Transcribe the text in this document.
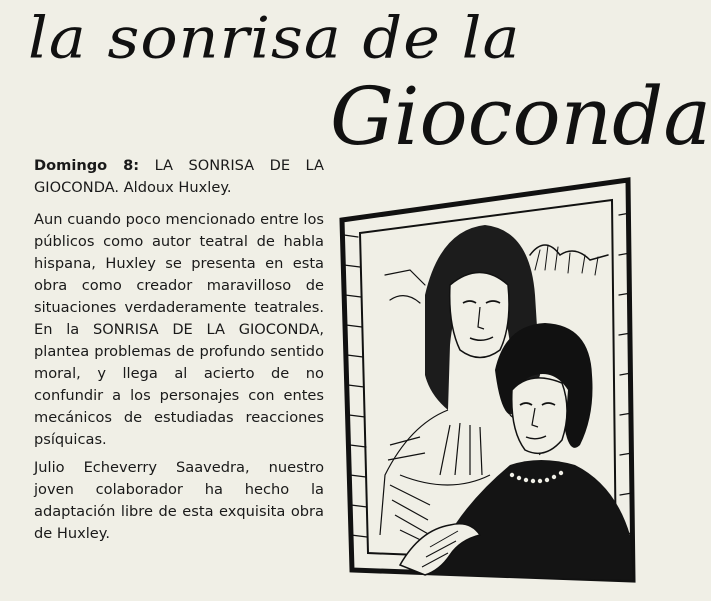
la sonrisa de la
Gioconda

Domingo 8: LA SONRISA DE LA GIOCONDA. Aldoux Huxley.

Aun cuando poco mencionado entre los públicos como autor teatral de habla hispana, Huxley se presenta en esta obra como creador maravilloso de situaciones verdaderamente teatrales. En la SONRISA DE LA GIOCONDA, plantea problemas de profundo sentido moral, y llega al acierto de no confundir a los personajes con entes mecánicos de estudiadas reacciones psíquicas.

Julio Echeverry Saavedra, nuestro joven colaborador ha hecho la adaptación libre de esta exquisita obra de Huxley.
